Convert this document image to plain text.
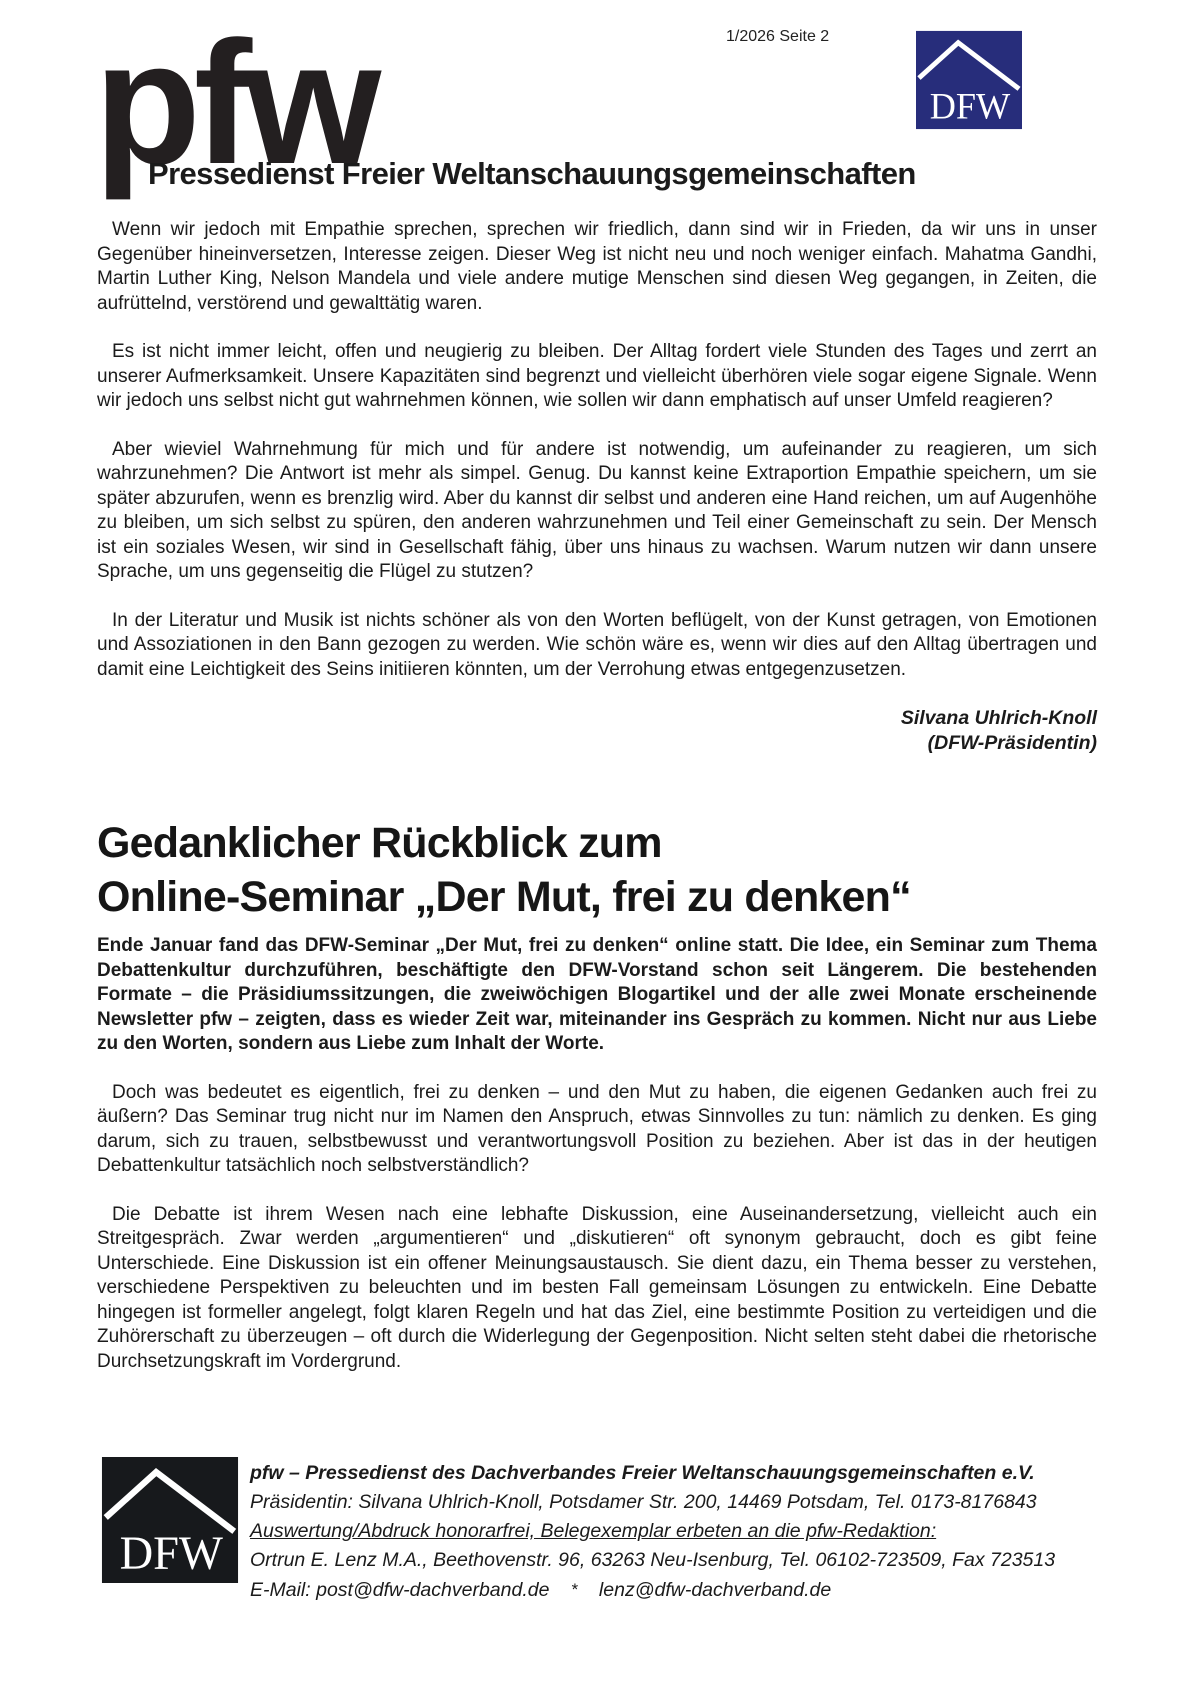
1/2026 Seite 2
pfw
Pressedienst Freier Weltanschauungsgemeinschaften
DFW

Wenn wir jedoch mit Empathie sprechen, sprechen wir friedlich, dann sind wir in Frieden, da wir uns in unser Gegenüber hineinversetzen, Interesse zeigen. Dieser Weg ist nicht neu und noch weniger einfach. Mahatma Gandhi, Martin Luther King, Nelson Mandela und viele andere mutige Menschen sind diesen Weg gegangen, in Zeiten, die aufrüttelnd, verstörend und gewalttätig waren.

Es ist nicht immer leicht, offen und neugierig zu bleiben. Der Alltag fordert viele Stunden des Tages und zerrt an unserer Aufmerksamkeit. Unsere Kapazitäten sind begrenzt und vielleicht überhören viele sogar eigene Signale. Wenn wir jedoch uns selbst nicht gut wahrnehmen können, wie sollen wir dann emphatisch auf unser Umfeld reagieren?

Aber wieviel Wahrnehmung für mich und für andere ist notwendig, um aufeinander zu reagieren, um sich wahrzunehmen? Die Antwort ist mehr als simpel. Genug. Du kannst keine Extraportion Empathie speichern, um sie später abzurufen, wenn es brenzlig wird. Aber du kannst dir selbst und anderen eine Hand reichen, um auf Augenhöhe zu bleiben, um sich selbst zu spüren, den anderen wahrzunehmen und Teil einer Gemeinschaft zu sein. Der Mensch ist ein soziales Wesen, wir sind in Gesellschaft fähig, über uns hinaus zu wachsen. Warum nutzen wir dann unsere Sprache, um uns gegenseitig die Flügel zu stutzen?

In der Literatur und Musik ist nichts schöner als von den Worten beflügelt, von der Kunst getragen, von Emotionen und Assoziationen in den Bann gezogen zu werden. Wie schön wäre es, wenn wir dies auf den Alltag übertragen und damit eine Leichtigkeit des Seins initiieren könnten, um der Verrohung etwas entgegenzusetzen.

Silvana Uhlrich-Knoll
(DFW-Präsidentin)
Gedanklicher Rückblick zum
Online-Seminar „Der Mut, frei zu denken“

Ende Januar fand das DFW-Seminar „Der Mut, frei zu denken“ online statt. Die Idee, ein Seminar zum Thema Debattenkultur durchzuführen, beschäftigte den DFW-Vorstand schon seit Längerem. Die bestehenden Formate – die Präsidiumssitzungen, die zweiwöchigen Blogartikel und der alle zwei Monate erscheinende Newsletter pfw – zeigten, dass es wieder Zeit war, miteinander ins Gespräch zu kommen. Nicht nur aus Liebe zu den Worten, sondern aus Liebe zum Inhalt der Worte.

Doch was bedeutet es eigentlich, frei zu denken – und den Mut zu haben, die eigenen Gedanken auch frei zu äußern? Das Seminar trug nicht nur im Namen den Anspruch, etwas Sinnvolles zu tun: nämlich zu denken. Es ging darum, sich zu trauen, selbstbewusst und verantwortungsvoll Position zu beziehen. Aber ist das in der heutigen Debattenkultur tatsächlich noch selbstverständlich?

Die Debatte ist ihrem Wesen nach eine lebhafte Diskussion, eine Auseinandersetzung, vielleicht auch ein Streitgespräch. Zwar werden „argumentieren“ und „diskutieren“ oft synonym gebraucht, doch es gibt feine Unterschiede. Eine Diskussion ist ein offener Meinungsaustausch. Sie dient dazu, ein Thema besser zu verstehen, verschiedene Perspektiven zu beleuchten und im besten Fall gemeinsam Lösungen zu entwickeln. Eine Debatte hingegen ist formeller angelegt, folgt klaren Regeln und hat das Ziel, eine bestimmte Position zu verteidigen und die Zuhörerschaft zu überzeugen – oft durch die Widerlegung der Gegenposition. Nicht selten steht dabei die rhetorische Durchsetzungskraft im Vordergrund.

DFW
pfw – Pressedienst des Dachverbandes Freier Weltanschauungsgemeinschaften e.V.
Präsidentin: Silvana Uhlrich-Knoll, Potsdamer Str. 200, 14469 Potsdam, Tel. 0173-8176843
Auswertung/Abdruck honorarfrei, Belegexemplar erbeten an die pfw-Redaktion:
Ortrun E. Lenz M.A., Beethovenstr. 96, 63263 Neu-Isenburg, Tel. 06102-723509, Fax 723513
E-Mail: post@dfw-dachverband.de * lenz@dfw-dachverband.de
